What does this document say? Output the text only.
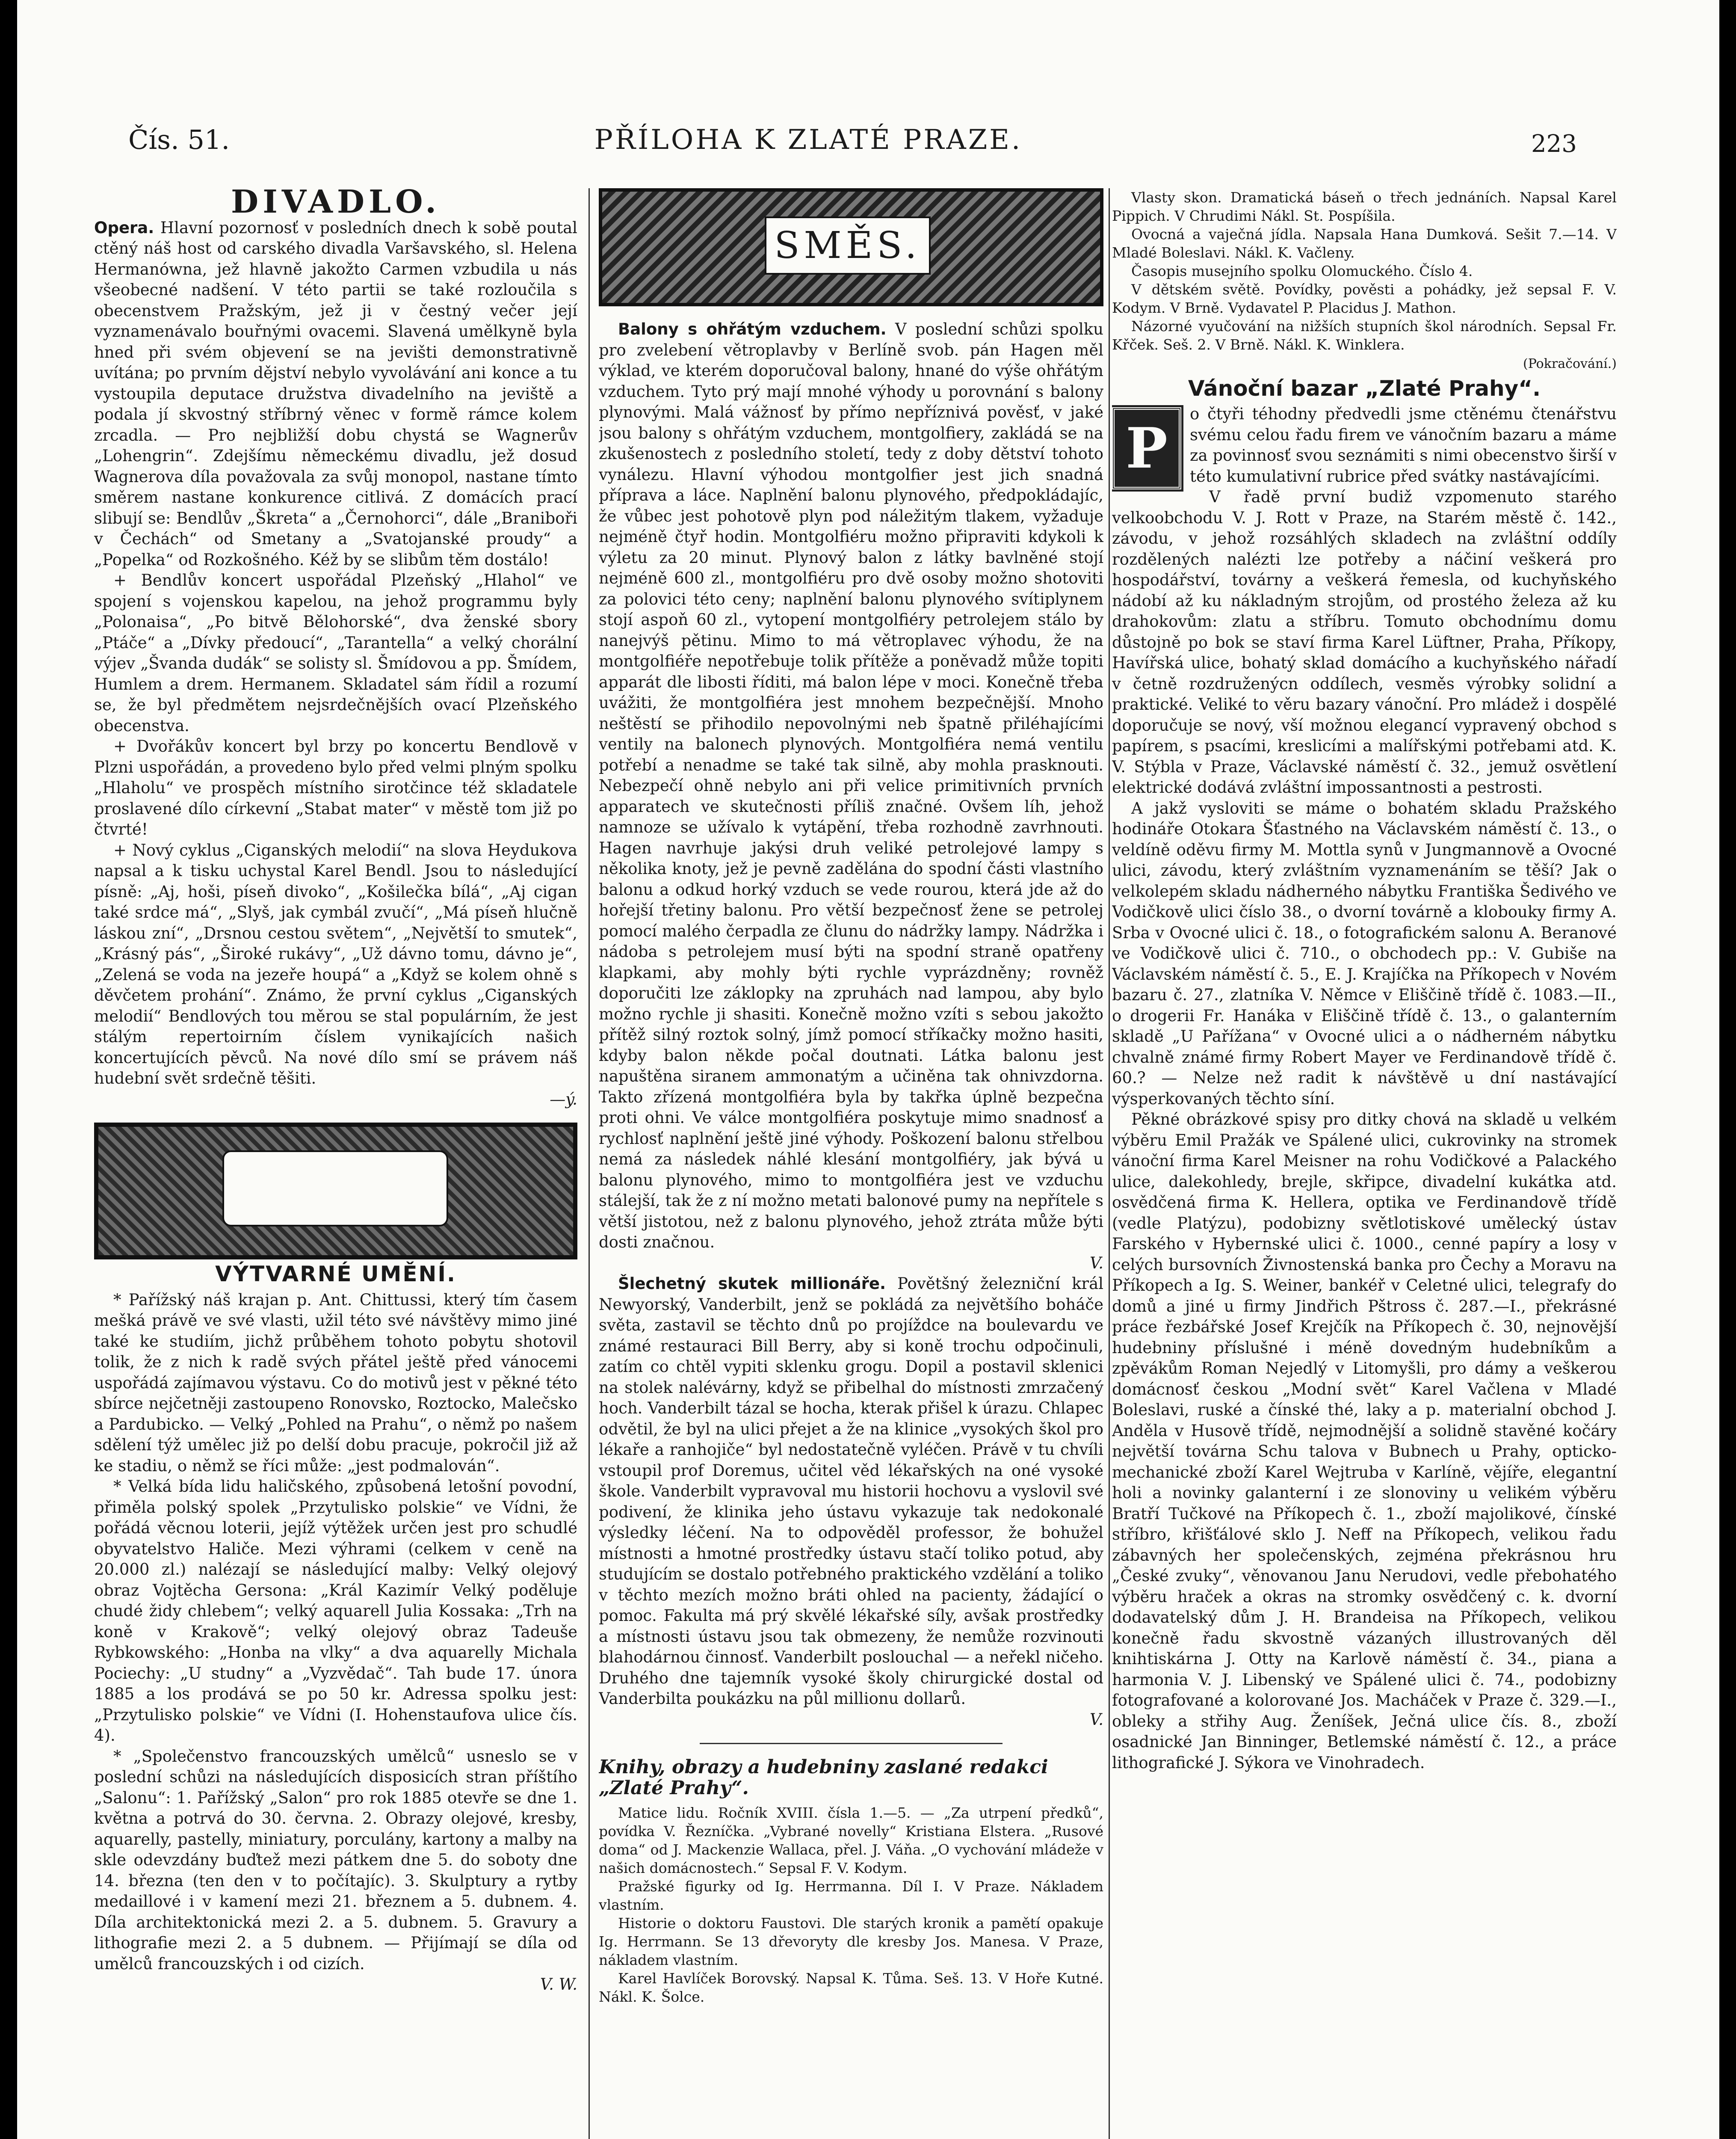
Čís. 51.	PŘÍLOHA K ZLATÉ PRAZE.	223
DIVADLO.

Opera. Hlavní pozornosť v posledních dnech k sobě poutal ctěný náš host od carského divadla Varšavského, sl. Helena Hermanówna, jež hlavně jakožto Carmen vzbudila u nás všeobecné nadšení. V této partii se také rozloučila s obecenstvem Pražským, jež ji v čestný večer její vyznamenávalo bouřnými ovacemi. Slavená umělkyně byla hned při svém objevení se na jevišti demonstrativně uvítána; po prvním dějství nebylo vyvolávání ani konce a tu vystoupila deputace družstva divadelního na jeviště a podala jí skvostný stříbrný věnec v formě rámce kolem zrcadla. — Pro nejbližší dobu chystá se Wagnerův „Lohengrin“. Zdejšímu německému divadlu, jež dosud Wagnerova díla považovala za svůj monopol, nastane tímto směrem nastane konkurence citlivá. Z domácích prací slibují se: Bendlův „Škreta“ a „Černohorci“, dále „Braniboři v Čechách“ od Smetany a „Svatojanské proudy“ a „Popelka“ od Rozkošného. Kéž by se slibům těm dostálo!

+ Bendlův koncert uspořádal Plzeňský „Hlahol“ ve spojení s vojenskou kapelou, na jehož programmu byly „Polonaisa“, „Po bitvě Bělohorské“, dva ženské sbory „Ptáče“ a „Dívky předoucí“, „Tarantella“ a velký chorální výjev „Švanda dudák“ se solisty sl. Šmídovou a pp. Šmídem, Humlem a drem. Hermanem. Skladatel sám řídil a rozumí se, že byl předmětem nejsrdečnějších ovací Plzeňského obecenstva.

+ Dvořákův koncert byl brzy po koncertu Bendlově v Plzni uspořádán, a provedeno bylo před velmi plným spolku „Hlaholu“ ve prospěch místního sirotčince též skladatele proslavené dílo církevní „Stabat mater“ v městě tom již po čtvrté!

+ Nový cyklus „Ciganských melodií“ na slova Heydukova napsal a k tisku uchystal Karel Bendl. Jsou to následující písně: „Aj, hoši, píseň divoko“, „Košilečka bílá“, „Aj cigan také srdce má“, „Slyš, jak cymbál zvučí“, „Má píseň hlučně láskou zní“, „Drsnou cestou světem“, „Největší to smutek“, „Krásný pás“, „Široké rukávy“, „Už dávno tomu, dávno je“, „Zelená se voda na jezeře houpá“ a „Když se kolem ohně s děvčetem prohání“. Známo, že první cyklus „Ciganských melodií“ Bendlových tou měrou se stal populárním, že jest stálým repertoirním číslem vynikajících našich koncertujících pěvců. Na nové dílo smí se právem náš hudební svět srdečně těšiti.

—ý.
VÝTVARNÉ UMĚNÍ.

* Pařížský náš krajan p. Ant. Chittussi, který tím časem mešká právě ve své vlasti, užil této své návštěvy mimo jiné také ke studiím, jichž průběhem tohoto pobytu shotovil tolik, že z nich k radě svých přátel ještě před vánocemi uspořádá zajímavou výstavu. Co do motivů jest v pěkné této sbírce nejčetněji zastoupeno Ronovsko, Roztocko, Malečsko a Pardubicko. — Velký „Pohled na Prahu“, o němž po našem sdělení týž umělec již po delší dobu pracuje, pokročil již až ke stadiu, o němž se říci může: „jest podmalován“.

* Velká bída lidu haličského, způsobená letošní povodní, přiměla polský spolek „Przytulisko polskie“ ve Vídni, že pořádá věcnou loterii, jejíž výtěžek určen jest pro schudlé obyvatelstvo Haliče. Mezi výhrami (celkem v ceně na 20.000 zl.) nalézají se následující malby: Velký olejový obraz Vojtěcha Gersona: „Král Kazimír Velký poděluje chudé židy chlebem“; velký aquarell Julia Kossaka: „Trh na koně v Krakově“; velký olejový obraz Tadeuše Rybkowského: „Honba na vlky“ a dva aquarelly Michala Pociechy: „U studny“ a „Vyzvědač“. Tah bude 17. února 1885 a los prodává se po 50 kr. Adressa spolku jest: „Przytulisko polskie“ ve Vídni (I. Hohenstaufova ulice čís. 4).

* „Společenstvo francouzských umělců“ usneslo se v poslední schůzi na následujících disposicích stran příštího „Salonu“: 1. Pařížský „Salon“ pro rok 1885 otevře se dne 1. května a potrvá do 30. června. 2. Obrazy olejové, kresby, aquarelly, pastelly, miniatury, porculány, kartony a malby na skle odevzdány buďtež mezi pátkem dne 5. do soboty dne 14. března (ten den v to počítajíc). 3. Skulptury a rytby medaillové i v kamení mezi 21. březnem a 5. dubnem. 4. Díla architektonická mezi 2. a 5. dubnem. 5. Gravury a lithografie mezi 2. a 5 dubnem. — Přijímají se díla od umělců francouzských i od cizích.

V. W.
SMĚS.

Balony s ohřátým vzduchem. V poslední schůzi spolku pro zvelebení větroplavby v Berlíně svob. pán Hagen měl výklad, ve kterém doporučoval balony, hnané do výše ohřátým vzduchem. Tyto prý mají mnohé výhody u porovnání s balony plynovými. Malá vážnosť by přímo nepříznivá pověsť, v jaké jsou balony s ohřátým vzduchem, montgolfiery, zakládá se na zkušenostech z posledního století, tedy z doby dětství tohoto vynálezu. Hlavní výhodou montgolfier jest jich snadná příprava a láce. Naplnění balonu plynového, předpokládajíc, že vůbec jest pohotově plyn pod náležitým tlakem, vyžaduje nejméně čtyř hodin. Montgolfiéru možno připraviti kdykoli k výletu za 20 minut. Plynový balon z látky bavlněné stojí nejméně 600 zl., montgolfiéru pro dvě osoby možno shotoviti za polovici této ceny; naplnění balonu plynového svítiplynem stojí aspoň 60 zl., vytopení montgolfiéry petrolejem stálo by nanejvýš pětinu. Mimo to má větroplavec výhodu, že na montgolfiéře nepotřebuje tolik přítěže a poněvadž může topiti apparát dle libosti říditi, má balon lépe v moci. Konečně třeba uvážiti, že montgolfiéra jest mnohem bezpečnější. Mnoho neštěstí se přihodilo nepovolnými neb špatně přiléhajícími ventily na balonech plynových. Montgolfiéra nemá ventilu potřebí a nenadme se také tak silně, aby mohla prasknouti. Nebezpečí ohně nebylo ani při velice primitivních prvních apparatech ve skutečnosti příliš značné. Ovšem líh, jehož namnoze se užívalo k vytápění, třeba rozhodně zavrhnouti. Hagen navrhuje jakýsi druh veliké petrolejové lampy s několika knoty, jež je pevně zadělána do spodní části vlastního balonu a odkud horký vzduch se vede rourou, která jde až do hořejší třetiny balonu. Pro větší bezpečnosť žene se petrolej pomocí malého čerpadla ze člunu do nádržky lampy. Nádržka i nádoba s petrolejem musí býti na spodní straně opatřeny klapkami, aby mohly býti rychle vyprázdněny; rovněž doporučiti lze záklopky na zpruhách nad lampou, aby bylo možno rychle ji shasiti. Konečně možno vzíti s sebou jakožto přítěž silný roztok solný, jímž pomocí stříkačky možno hasiti, kdyby balon někde počal doutnati. Látka balonu jest napuštěna siranem ammonatým a učiněna tak ohnivzdorna. Takto zřízená montgolfiéra byla by takřka úplně bezpečna proti ohni. Ve válce montgolfiéra poskytuje mimo snadnosť a rychlosť naplnění ještě jiné výhody. Poškození balonu střelbou nemá za následek náhlé klesání montgolfiéry, jak bývá u balonu plynového, mimo to montgolfiéra jest ve vzduchu stálejší, tak že z ní možno metati balonové pumy na nepřítele s větší jistotou, než z balonu plynového, jehož ztráta může býti dosti značnou.

V.

Šlechetný skutek millionáře. Povětšný železniční král Newyorský, Vanderbilt, jenž se pokládá za největšího boháče světa, zastavil se těchto dnů po projíždce na boulevardu ve známé restauraci Bill Berry, aby si koně trochu odpočinuli, zatím co chtěl vypiti sklenku grogu. Dopil a postavil sklenici na stolek nalévárny, když se přibelhal do místnosti zmrzačený hoch. Vanderbilt tázal se hocha, kterak přišel k úrazu. Chlapec odvětil, že byl na ulici přejet a že na klinice „vysokých škol pro lékaře a ranhojiče“ byl nedostatečně vyléčen. Právě v tu chvíli vstoupil prof Doremus, učitel věd lékařských na oné vysoké škole. Vanderbilt vypravoval mu historii hochovu a vyslovil své podivení, že klinika jeho ústavu vykazuje tak nedokonalé výsledky léčení. Na to odpověděl professor, že bohužel místnosti a hmotné prostředky ústavu stačí toliko potud, aby studujícím se dostalo potřebného praktického vzdělání a toliko v těchto mezích možno bráti ohled na pacienty, žádající o pomoc. Fakulta má prý skvělé lékařské síly, avšak prostředky a místnosti ústavu jsou tak obmezeny, že nemůže rozvinouti blahodárnou činnosť. Vanderbilt poslouchal — a neřekl ničeho. Druhého dne tajemník vysoké školy chirurgické dostal od Vanderbilta poukázku na půl millionu dollarů.

V.
Knihy, obrazy a hudebniny zaslané redakci „Zlaté Prahy“.

Matice lidu. Ročník XVIII. čísla 1.—5. — „Za utrpení předků“, povídka V. Řezníčka. „Vybrané novelly“ Kristiana Elstera. „Rusové doma“ od J. Mackenzie Wallaca, přel. J. Váňa. „O vychování mládeže v našich domácnostech.“ Sepsal F. V. Kodym.

Pražské figurky od Ig. Herrmanna. Díl I. V Praze. Nákladem vlastním.

Historie o doktoru Faustovi. Dle starých kronik a pamětí opakuje Ig. Herrmann. Se 13 dřevoryty dle kresby Jos. Manesa. V Praze, nákladem vlastním.

Karel Havlíček Borovský. Napsal K. Tůma. Seš. 13. V Hoře Kutné. Nákl. K. Šolce.

Vlasty skon. Dramatická báseň o třech jednáních. Napsal Karel Pippich. V Chrudimi Nákl. St. Pospíšila.

Ovocná a vaječná jídla. Napsala Hana Dumková. Sešit 7.—14. V Mladé Boleslavi. Nákl. K. Vačleny.

Časopis musejního spolku Olomuckého. Číslo 4.

V dětském světě. Povídky, pověsti a pohádky, jež sepsal F. V. Kodym. V Brně. Vydavatel P. Placidus J. Mathon.

Názorné vyučování na nižších stupních škol národních. Sepsal Fr. Křček. Seš. 2. V Brně. Nákl. K. Winklera.

(Pokračování.)
Vánoční bazar „Zlaté Prahy“.
P

o čtyři téhodny předvedli jsme ctěnému čtenářstvu svému celou řadu firem ve vánočním bazaru a máme za povinnosť svou seznámiti s nimi obecenstvo širší v této kumulativní rubrice před svátky nastávajícími.

V řadě první budiž vzpomenuto starého velkoobchodu V. J. Rott v Praze, na Starém městě č. 142., závodu, v jehož rozsáhlých skladech na zvláštní oddíly rozdělených nalézti lze potřeby a náčiní veškerá pro hospodářství, továrny a veškerá řemesla, od kuchyňského nádobí až ku nákladným strojům, od prostého železa až ku drahokovům: zlatu a stříbru. Tomuto obchodnímu domu důstojně po bok se staví firma Karel Lüftner, Praha, Příkopy, Havířská ulice, bohatý sklad domácího a kuchyňského nářadí v četně rozdruženýcn oddílech, vesměs výrobky solidní a praktické. Veliké to věru bazary vánoční. Pro mládež i dospělé doporučuje se nový, vší možnou elegancí vypravený obchod s papírem, s psacími, kreslicími a malířskými potřebami atd. K. V. Stýbla v Praze, Václavské náměstí č. 32., jemuž osvětlení elektrické dodává zvláštní impossantnosti a pestrosti.

A jakž vysloviti se máme o bohatém skladu Pražského hodináře Otokara Šťastného na Václavském náměstí č. 13., o veldíně oděvu firmy M. Mottla synů v Jungmannově a Ovocné ulici, závodu, který zvláštním vyznamenáním se těší? Jak o velkolepém skladu nádherného nábytku Františka Šedivého ve Vodičkově ulici číslo 38., o dvorní továrně a klobouky firmy A. Srba v Ovocné ulici č. 18., o fotografickém salonu A. Beranové ve Vodičkově ulici č. 710., o obchodech pp.: V. Gubiše na Václavském náměstí č. 5., E. J. Krajíčka na Příkopech v Novém bazaru č. 27., zlatníka V. Němce v Eliščině třídě č. 1083.—II., o drogerii Fr. Hanáka v Eliščině třídě č. 13., o galanterním skladě „U Pařížana“ v Ovocné ulici a o nádherném nábytku chvalně známé firmy Robert Mayer ve Ferdinandově třídě č. 60.? — Nelze než radit k návštěvě u dní nastávající výsperkovaných těchto síní.

Pěkné obrázkové spisy pro ditky chová na skladě u velkém výběru Emil Pražák ve Spálené ulici, cukrovinky na stromek vánoční firma Karel Meisner na rohu Vodičkové a Palackého ulice, dalekohledy, brejle, skřipce, divadelní kukátka atd. osvědčená firma K. Hellera, optika ve Ferdinandově třídě (vedle Platýzu), podobizny světlotiskové umělecký ústav Farského v Hybernské ulici č. 1000., cenné papíry a losy v celých bursovních Živnostenská banka pro Čechy a Moravu na Příkopech a Ig. S. Weiner, bankéř v Celetné ulici, telegrafy do domů a jiné u firmy Jindřich Pštross č. 287.—I., překrásné práce řezbářské Josef Krejčík na Příkopech č. 30, nejnovější hudebniny příslušné i méně dovedným hudebníkům a zpěvákům Roman Nejedlý v Litomyšli, pro dámy a veškerou domácnosť českou „Modní svět“ Karel Vačlena v Mladé Boleslavi, ruské a čínské thé, laky a p. materialní obchod J. Anděla v Husově třídě, nejmodnější a solidně stavěné kočáry největší továrna Schu talova v Bubnech u Prahy, opticko-mechanické zboží Karel Wejtruba v Karlíně, vějíře, elegantní holi a novinky galanterní i ze slonoviny u velikém výběru Bratří Tučkové na Příkopech č. 1., zboží majolikové, čínské stříbro, křišťálové sklo J. Neff na Příkopech, velikou řadu zábavných her společenských, zejména překrásnou hru „České zvuky“, věnovanou Janu Nerudovi, vedle přebohatého výběru hraček a okras na stromky osvědčený c. k. dvorní dodavatelský dům J. H. Brandeisa na Příkopech, velikou konečně řadu skvostně vázaných illustrovaných děl knihtiskárna J. Otty na Karlově náměstí č. 34., piana a harmonia V. J. Libenský ve Spálené ulici č. 74., podobizny fotografované a kolorované Jos. Macháček v Praze č. 329.—I., obleky a střihy Aug. Ženíšek, Ječná ulice čís. 8., zboží osadnické Jan Binninger, Betlemské náměstí č. 12., a práce lithografické J. Sýkora ve Vinohradech.
